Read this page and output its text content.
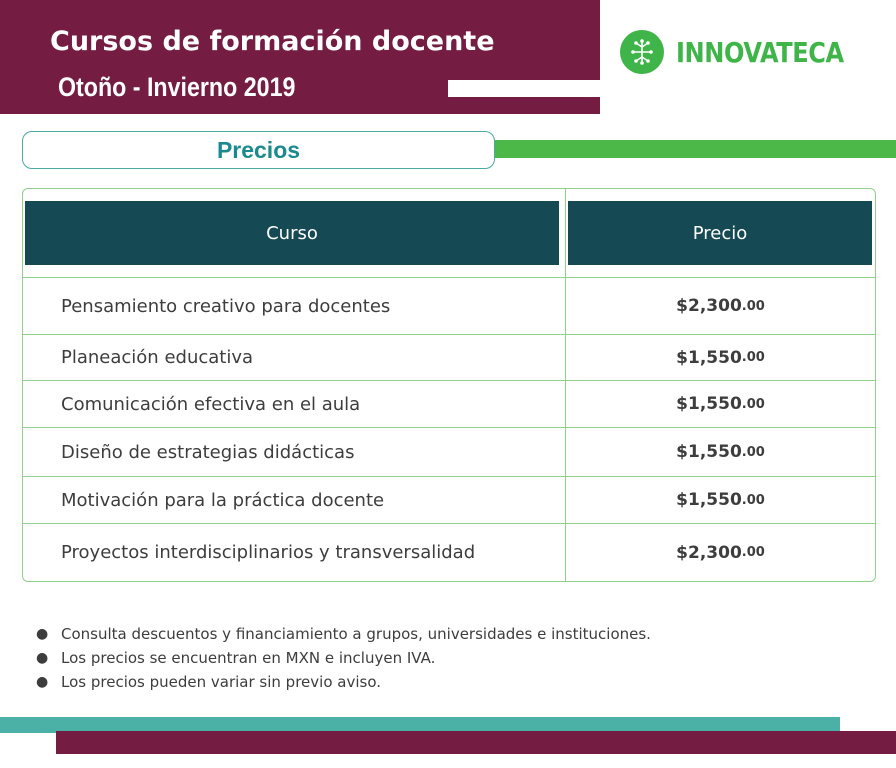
Cursos de formación docente
Otoño - Invierno 2019
INNOVATECA
Precios
Curso	Precio
Pensamiento creativo para docentes	$2,300 .00
Planeación educativa	$1,550 .00
Comunicación efectiva en el aula	$1,550 .00
Diseño de estrategias didácticas	$1,550 .00
Motivación para la práctica docente	$1,550 .00
Proyectos interdisciplinarios y transversalidad	$2,300 .00
● Consulta descuentos y financiamiento a grupos, universidades e instituciones.
● Los precios se encuentran en MXN e incluyen IVA.
● Los precios pueden variar sin previo aviso.
